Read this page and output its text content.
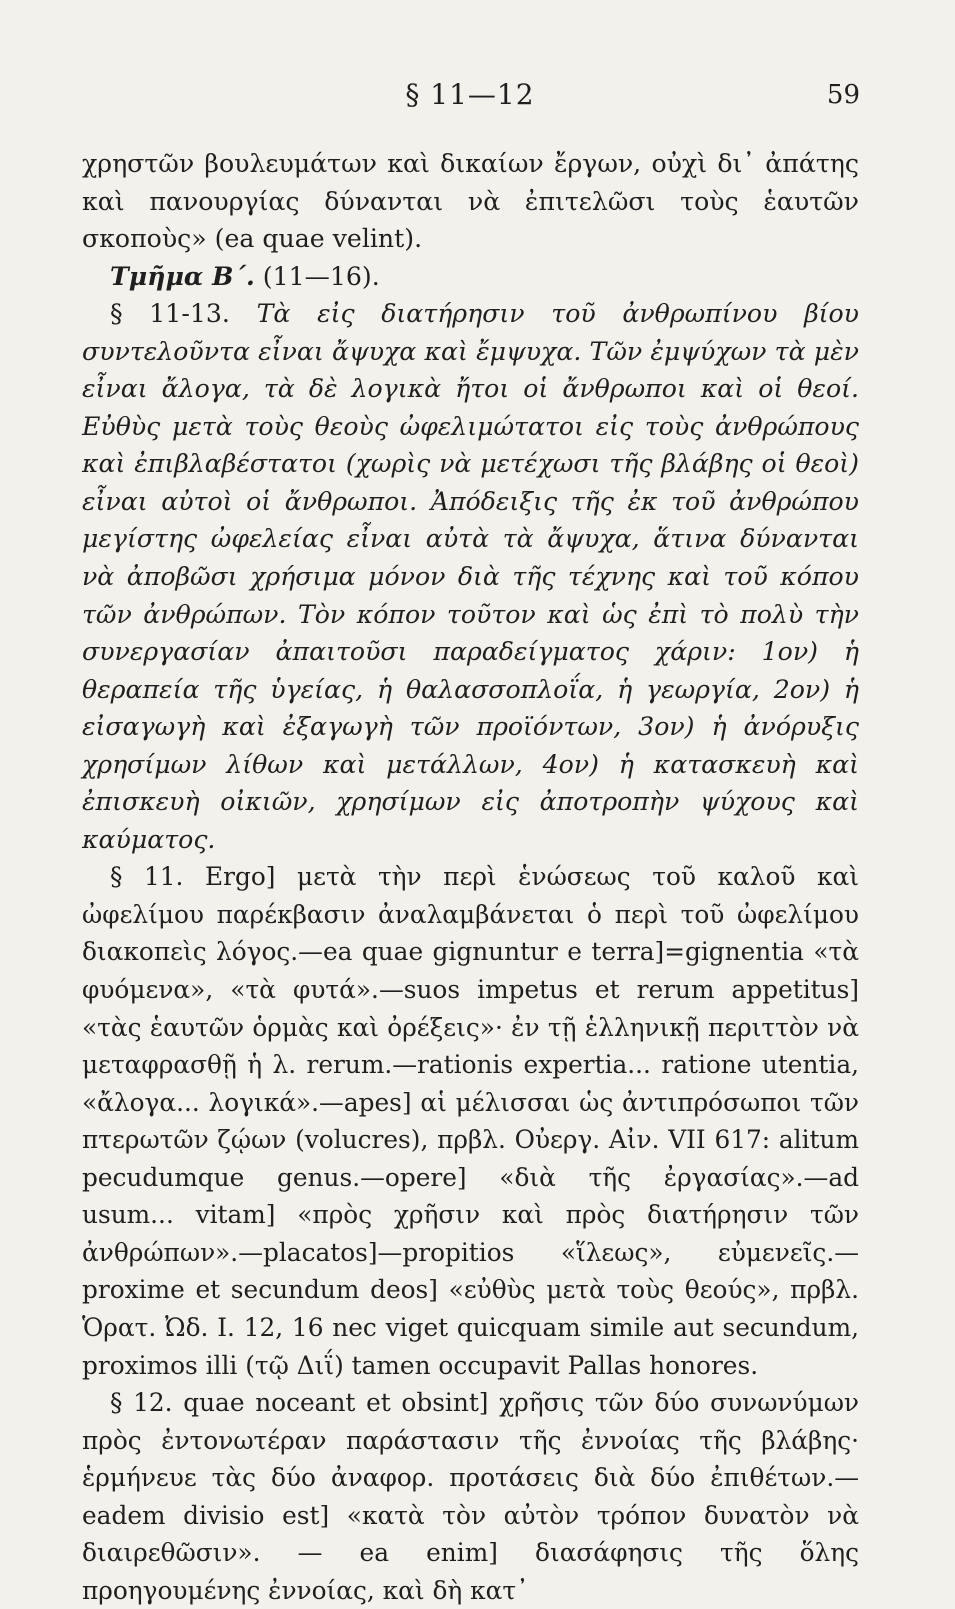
§ 11—12	59

χρηστῶν βουλευμάτων καὶ δικαίων ἔργων, οὐχὶ δι᾽ ἀπάτης καὶ πανουργίας δύνανται νὰ ἐπιτελῶσι τοὺς ἑαυτῶν σκοποὺς» (ea quae velint).

Τμῆμα Β΄. (11—16).

§ 11-13. Τὰ εἰς διατήρησιν τοῦ ἀνθρωπίνου βίου συντελοῦντα εἶναι ἄψυχα καὶ ἔμψυχα. Τῶν ἐμψύχων τὰ μὲν εἶναι ἄλογα, τὰ δὲ λογικὰ ἤτοι οἱ ἄνθρωποι καὶ οἱ θεοί. Εὐθὺς μετὰ τοὺς θεοὺς ὠφελιμώτατοι εἰς τοὺς ἀνθρώπους καὶ ἐπιβλαβέστατοι (χωρὶς νὰ μετέχωσι τῆς βλάβης οἱ θεοὶ) εἶναι αὐτοὶ οἱ ἄνθρωποι. Ἀπόδειξις τῆς ἐκ τοῦ ἀνθρώπου μεγίστης ὠφελείας εἶναι αὐτὰ τὰ ἄψυχα, ἅτινα δύνανται νὰ ἀποβῶσι χρήσιμα μόνον διὰ τῆς τέχνης καὶ τοῦ κόπου τῶν ἀνθρώπων. Τὸν κόπον τοῦτον καὶ ὡς ἐπὶ τὸ πολὺ τὴν συνεργασίαν ἀπαιτοῦσι παραδείγματος χάριν: 1ον) ἡ θεραπεία τῆς ὑγείας, ἡ θαλασσοπλοΐα, ἡ γεωργία, 2ον) ἡ εἰσαγωγὴ καὶ ἐξαγωγὴ τῶν προϊόντων, 3ον) ἡ ἀνόρυξις χρησίμων λίθων καὶ μετάλλων, 4ον) ἡ κατασκευὴ καὶ ἐπισκευὴ οἰκιῶν, χρησίμων εἰς ἀποτροπὴν ψύχους καὶ καύματος.

§ 11. Ergo] μετὰ τὴν περὶ ἑνώσεως τοῦ καλοῦ καὶ ὠφελίμου παρέκβασιν ἀναλαμβάνεται ὁ περὶ τοῦ ὠφελίμου διακοπεὶς λόγος.—ea quae gignuntur e terra]=gignentia «τὰ φυόμενα», «τὰ φυτά».—suos impetus et rerum appetitus] «τὰς ἑαυτῶν ὁρμὰς καὶ ὀρέξεις»· ἐν τῇ ἑλληνικῇ περιττὸν νὰ μεταφρασθῇ ἡ λ. rerum.—rationis expertia... ratione utentia, «ἄλογα... λογικά».—apes] αἱ μέλισσαι ὡς ἀντιπρόσωποι τῶν πτερωτῶν ζῴων (volucres), πρβλ. Οὐεργ. Αἰν. VII 617: alitum pecudumque genus.—opere] «διὰ τῆς ἐργασίας».—ad usum... vitam] «πρὸς χρῆσιν καὶ πρὸς διατήρησιν τῶν ἀνθρώπων».—placatos]—propitios «ἵλεως», εὐμενεῖς.—proxime et secundum deos] «εὐθὺς μετὰ τοὺς θεούς», πρβλ. Ὁρατ. Ὠδ. I. 12, 16 nec viget quicquam simile aut secundum, proximos illi (τῷ Διΐ) tamen occupavit Pallas honores.

§ 12. quae noceant et obsint] χρῆσις τῶν δύο συνωνύμων πρὸς ἐντονωτέραν παράστασιν τῆς ἐννοίας τῆς βλάβης· ἑρμήνευε τὰς δύο ἀναφορ. προτάσεις διὰ δύο ἐπιθέτων.—eadem divisio est] «κατὰ τὸν αὐτὸν τρόπον δυνατὸν νὰ διαιρεθῶσιν». — ea enim] διασάφησις τῆς ὅλης προηγουμένης ἐννοίας, καὶ δὴ κατ᾽
